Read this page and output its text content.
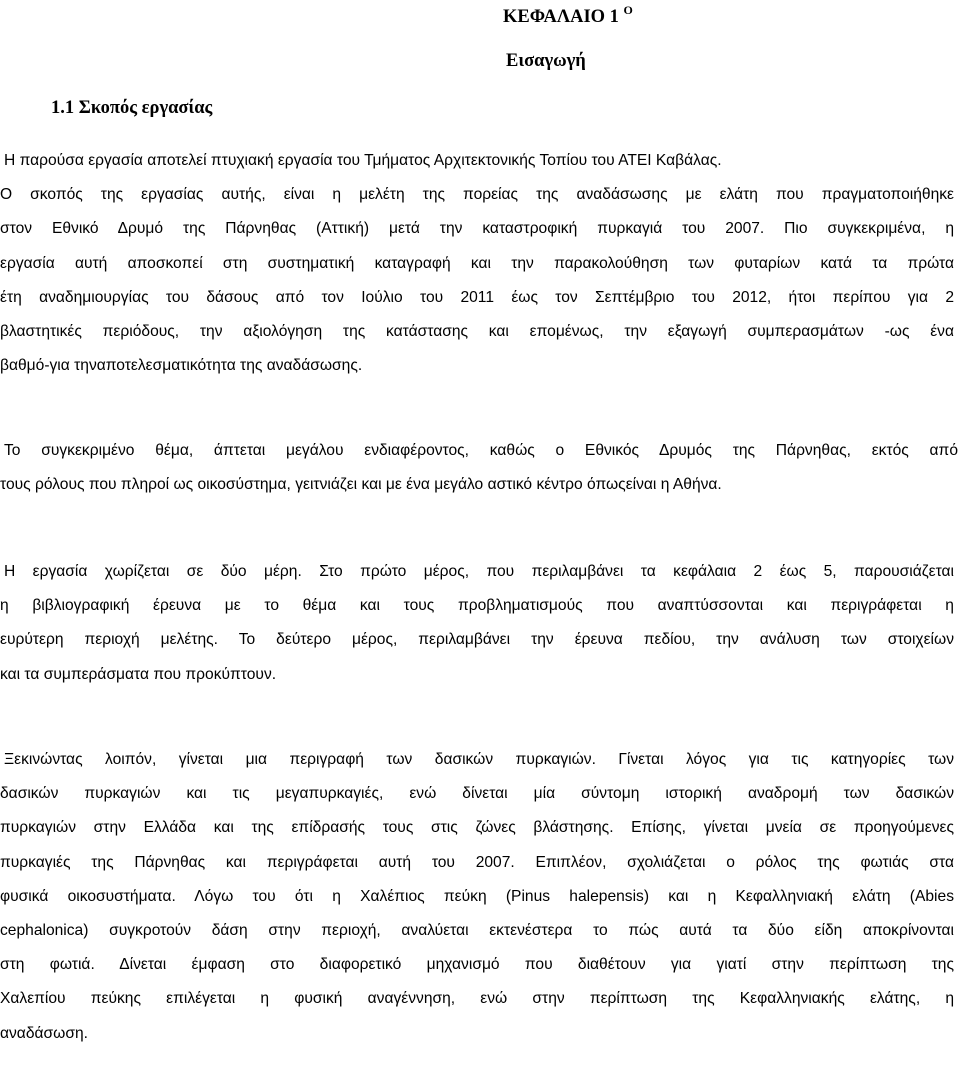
ΚΕΦΑΛΑΙΟ 1 $^O$
Εισαγωγή
1.1 Σκοπός εργασίας
Η παρούσα εργασία αποτελεί πτυχιακή εργασία του Τμήματος Αρχιτεκτονικής Τοπίου του ΑΤΕΙ Καβάλας.
Ο σκοπός της εργασίας αυτής, είναι η μελέτη της πορείας της αναδάσωσης με ελάτη που πραγματοποιήθηκε
στον Εθνικό Δρυμό της Πάρνηθας (Αττική) μετά την καταστροφική πυρκαγιά του 2007. Πιο συγκεκριμένα, η
εργασία αυτή αποσκοπεί στη συστηματική καταγραφή και την παρακολούθηση των φυταρίων κατά τα πρώτα
έτη αναδημιουργίας του δάσους από τον Ιούλιο του 2011 έως τον Σεπτέμβριο του 2012, ήτοι περίπου για 2
βλαστητικές περιόδους, την αξιολόγηση της κατάστασης και επομένως, την εξαγωγή συμπερασμάτων -ως ένα
βαθμό-για τηναποτελεσματικότητα της αναδάσωσης.
Το συγκεκριμένο θέμα, άπτεται μεγάλου ενδιαφέροντος, καθώς ο Εθνικός Δρυμός της Πάρνηθας, εκτός από
τους ρόλους που πληροί ως οικοσύστημα, γειτνιάζει και με ένα μεγάλο αστικό κέντρο όπωςείναι η Αθήνα.
Η εργασία χωρίζεται σε δύο μέρη. Στο πρώτο μέρος, που περιλαμβάνει τα κεφάλαια 2 έως 5, παρουσιάζεται
η βιβλιογραφική έρευνα με το θέμα και τους προβληματισμούς που αναπτύσσονται και περιγράφεται η
ευρύτερη περιοχή μελέτης. Το δεύτερο μέρος, περιλαμβάνει την έρευνα πεδίου, την ανάλυση των στοιχείων
και τα συμπεράσματα που προκύπτουν.
Ξεκινώντας λοιπόν, γίνεται μια περιγραφή των δασικών πυρκαγιών. Γίνεται λόγος για τις κατηγορίες των
δασικών πυρκαγιών και τις μεγαπυρκαγιές, ενώ δίνεται μία σύντομη ιστορική αναδρομή των δασικών
πυρκαγιών στην Ελλάδα και της επίδρασής τους στις ζώνες βλάστησης. Επίσης, γίνεται μνεία σε προηγούμενες
πυρκαγιές της Πάρνηθας και περιγράφεται αυτή του 2007. Επιπλέον, σχολιάζεται ο ρόλος της φωτιάς στα
φυσικά οικοσυστήματα. Λόγω του ότι η Χαλέπιος πεύκη (Pinus halepensis) και η Κεφαλληνιακή ελάτη (Abies
cephalonica) συγκροτούν δάση στην περιοχή, αναλύεται εκτενέστερα το πώς αυτά τα δύο είδη αποκρίνονται
στη φωτιά. Δίνεται έμφαση στο διαφορετικό μηχανισμό που διαθέτουν για γιατί στην περίπτωση της
Χαλεπίου πεύκης επιλέγεται η φυσική αναγέννηση, ενώ στην περίπτωση της Κεφαλληνιακής ελάτης, η
αναδάσωση.
